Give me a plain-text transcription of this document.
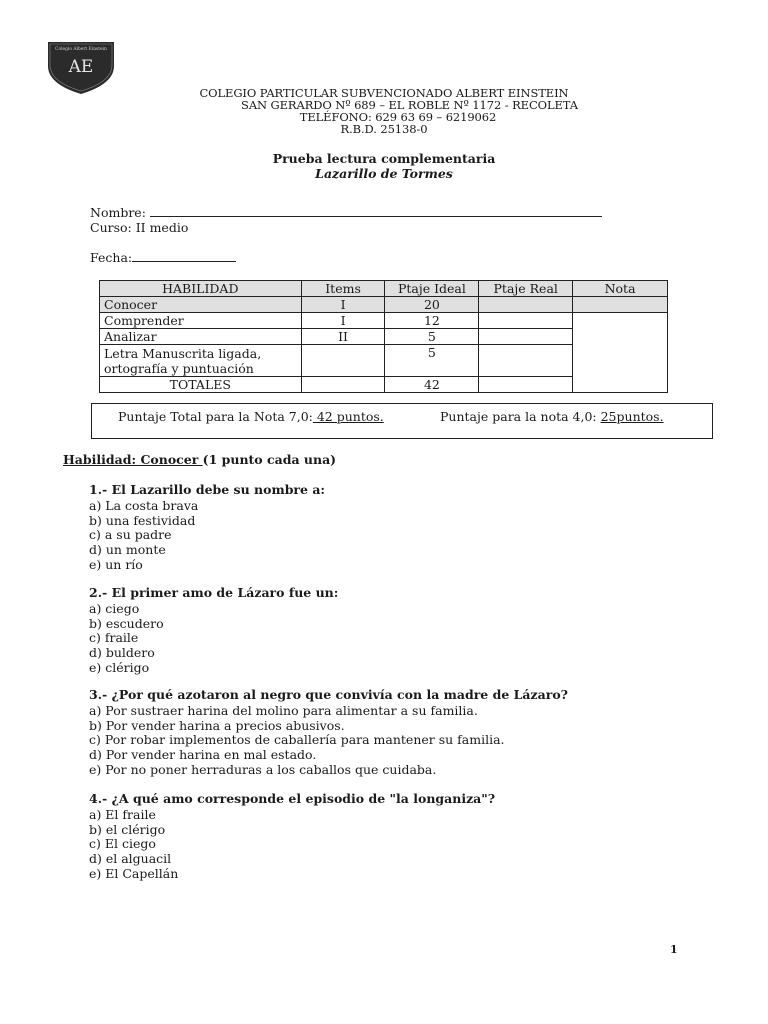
Colegio Albert Einstein
AE
COLEGIO PARTICULAR SUBVENCIONADO ALBERT EINSTEIN
SAN GERARDO Nº 689 – EL ROBLE Nº 1172 - RECOLETA
TELÉFONO: 629 63 69 – 6219062
R.B.D. 25138-0
Prueba lectura complementaria
Lazarillo de Tormes
Nombre:
Curso: II medio
Fecha:
HABILIDAD	Items	Ptaje Ideal	Ptaje Real	Nota
Conocer	I	20		
Comprender	I	12		
Analizar	II	5		
Letra Manuscrita ligada, ortografía y puntuación		5		
TOTALES		42		
Puntaje Total para la Nota 7,0: 42 puntos.	Puntaje para la nota 4,0: 25puntos.
Habilidad: Conocer (1 punto cada una)
1.- El Lazarillo debe su nombre a:
a) La costa brava
b) una festividad
c) a su padre
d) un monte
e) un río
2.- El primer amo de Lázaro fue un:
a) ciego
b) escudero
c) fraile
d) buldero
e) clérigo
3.- ¿Por qué azotaron al negro que convivía con la madre de Lázaro?
a) Por sustraer harina del molino para alimentar a su familia.
b) Por vender harina a precios abusivos.
c) Por robar implementos de caballería para mantener su familia.
d) Por vender harina en mal estado.
e) Por no poner herraduras a los caballos que cuidaba.
4.- ¿A qué amo corresponde el episodio de "la longaniza"?
a) El fraile
b) el clérigo
c) El ciego
d) el alguacil
e) El Capellán
1
